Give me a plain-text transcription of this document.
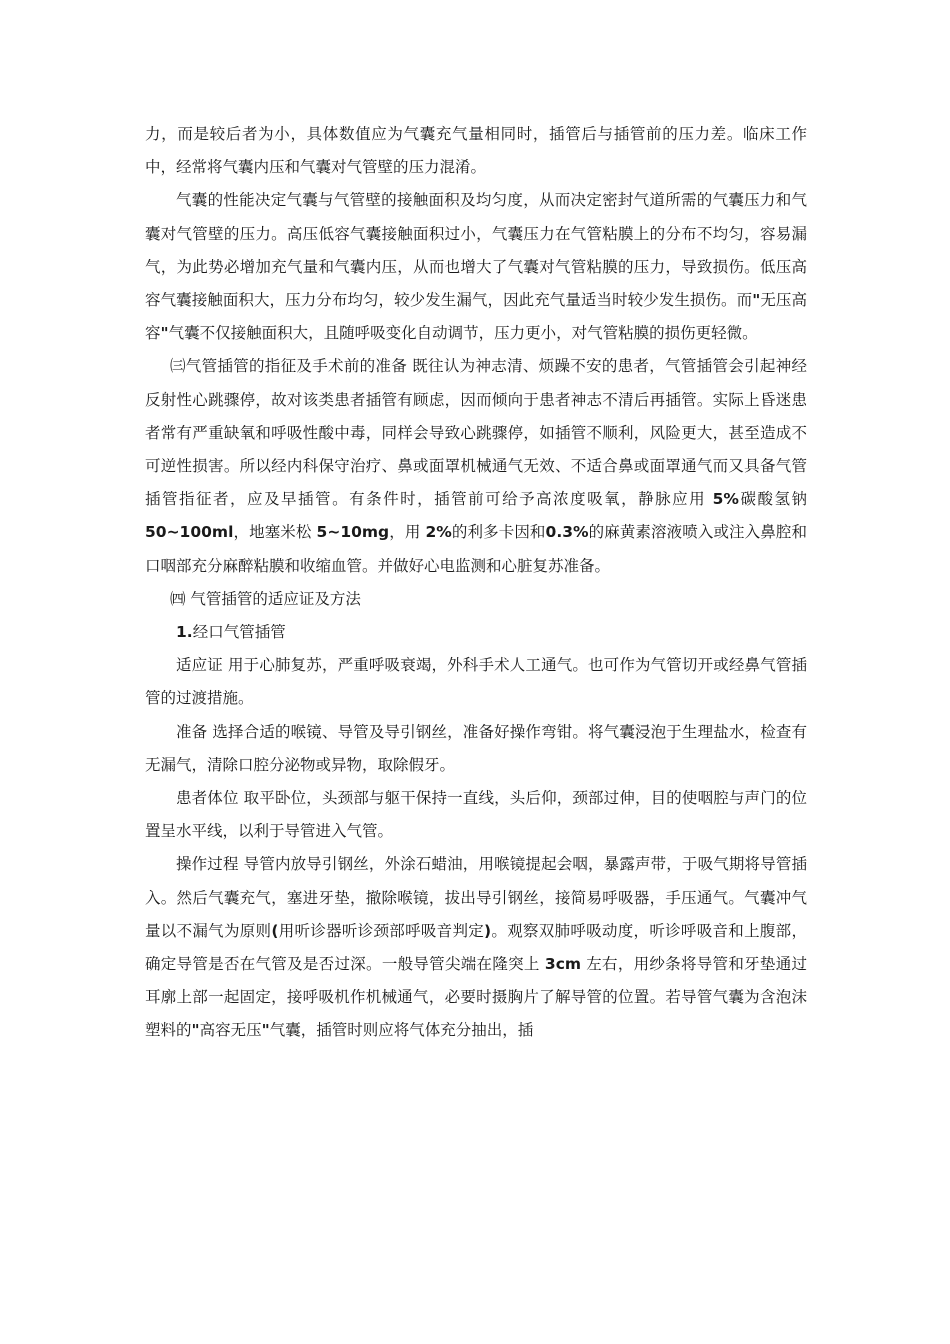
力，而是较后者为小，具体数值应为气囊充气量相同时，插管后与插管前的压力差。临床工作中，经常将气囊内压和气囊对气管壁的压力混淆。

气囊的性能决定气囊与气管壁的接触面积及均匀度，从而决定密封气道所需的气囊压力和气囊对气管壁的压力。高压低容气囊接触面积过小，气囊压力在气管粘膜上的分布不均匀，容易漏气，为此势必增加充气量和气囊内压，从而也增大了气囊对气管粘膜的压力，导致损伤。低压高容气囊接触面积大，压力分布均匀，较少发生漏气，因此充气量适当时较少发生损伤。而"无压高容"气囊不仅接触面积大，且随呼吸变化自动调节，压力更小，对气管粘膜的损伤更轻微。

㈢气管插管的指征及手术前的准备 既往认为神志清、烦躁不安的患者，气管插管会引起神经反射性心跳骤停，故对该类患者插管有顾虑，因而倾向于患者神志不清后再插管。实际上昏迷患者常有严重缺氧和呼吸性酸中毒，同样会导致心跳骤停，如插管不顺利，风险更大，甚至造成不可逆性损害。所以经内科保守治疗、鼻或面罩机械通气无效、不适合鼻或面罩通气而又具备气管插管指征者，应及早插管。有条件时，插管前可给予高浓度吸氧，静脉应用 5%碳酸氢钠 50~100ml，地塞米松 5~10mg，用 2%的利多卡因和0.3%的麻黄素溶液喷入或注入鼻腔和口咽部充分麻醉粘膜和收缩血管。并做好心电监测和心脏复苏准备。

㈣ 气管插管的适应证及方法

1.经口气管插管

适应证 用于心肺复苏，严重呼吸衰竭，外科手术人工通气。也可作为气管切开或经鼻气管插管的过渡措施。

准备 选择合适的喉镜、导管及导引钢丝，准备好操作弯钳。将气囊浸泡于生理盐水，检查有无漏气，清除口腔分泌物或异物，取除假牙。

患者体位 取平卧位，头颈部与躯干保持一直线，头后仰，颈部过伸，目的使咽腔与声门的位置呈水平线，以利于导管进入气管。

操作过程 导管内放导引钢丝，外涂石蜡油，用喉镜提起会咽，暴露声带，于吸气期将导管插入。然后气囊充气，塞进牙垫，撤除喉镜，拔出导引钢丝，接简易呼吸器，手压通气。气囊冲气量以不漏气为原则(用听诊器听诊颈部呼吸音判定)。观察双肺呼吸动度，听诊呼吸音和上腹部，确定导管是否在气管及是否过深。一般导管尖端在隆突上 3cm 左右，用纱条将导管和牙垫通过耳廓上部一起固定，接呼吸机作机械通气，必要时摄胸片了解导管的位置。若导管气囊为含泡沫塑料的"高容无压"气囊，插管时则应将气体充分抽出，插
